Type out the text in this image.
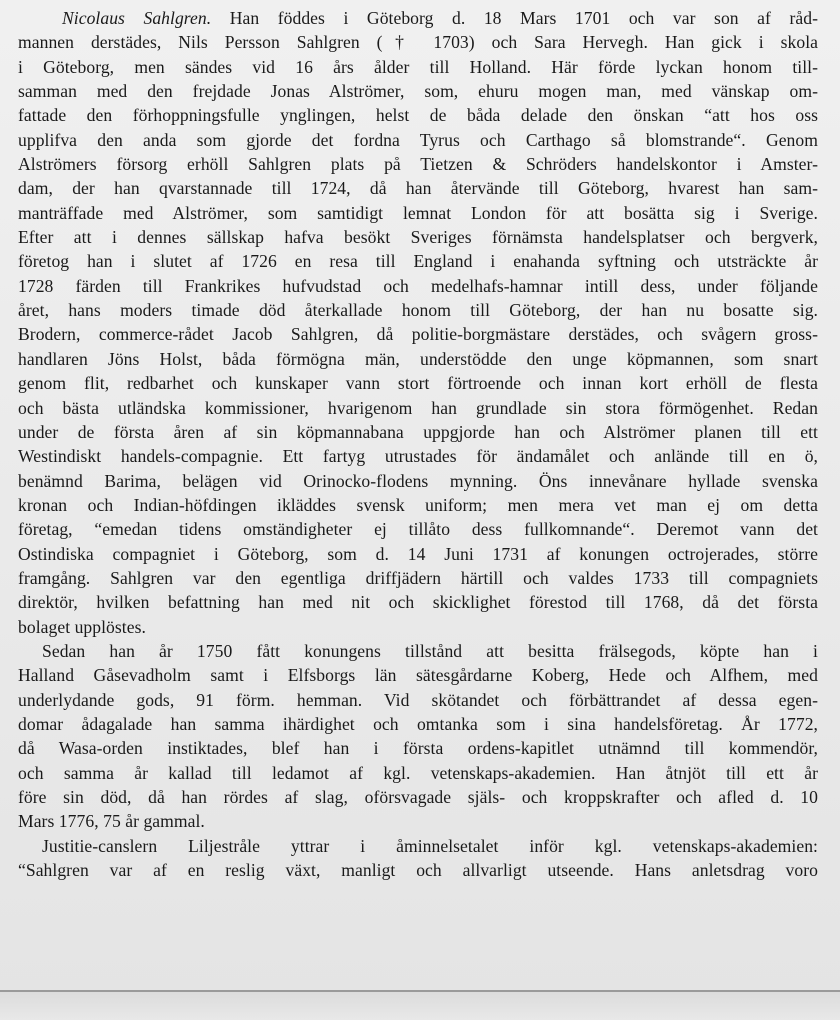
Nicolaus Sahlgren. Han föddes i Göteborg d. 18 Mars 1701 och var son af råd-
mannen derstädes, Nils Persson Sahlgren († 1703) och Sara Hervegh. Han gick i skola
i Göteborg, men sändes vid 16 års ålder till Holland. Här förde lyckan honom till-
samman med den frejdade Jonas Alströmer, som, ehuru mogen man, med vänskap om-
fattade den förhoppningsfulle ynglingen, helst de båda delade den önskan “att hos oss
upplifva den anda som gjorde det fordna Tyrus och Carthago så blomstrande“. Genom
Alströmers försorg erhöll Sahlgren plats på Tietzen & Schröders handelskontor i Amster-
dam, der han qvarstannade till 1724, då han återvände till Göteborg, hvarest han sam-
manträffade med Alströmer, som samtidigt lemnat London för att bosätta sig i Sverige.
Efter att i dennes sällskap hafva besökt Sveriges förnämsta handelsplatser och bergverk,
företog han i slutet af 1726 en resa till England i enahanda syftning och utsträckte år
1728 färden till Frankrikes hufvudstad och medelhafs-hamnar intill dess, under följande
året, hans moders timade död återkallade honom till Göteborg, der han nu bosatte sig.
Brodern, commerce-rådet Jacob Sahlgren, då politie-borgmästare derstädes, och svågern gross-
handlaren Jöns Holst, båda förmögna män, understödde den unge köpmannen, som snart
genom flit, redbarhet och kunskaper vann stort förtroende och innan kort erhöll de flesta
och bästa utländska kommissioner, hvarigenom han grundlade sin stora förmögenhet. Redan
under de första åren af sin köpmannabana uppgjorde han och Alströmer planen till ett
Westindiskt handels-compagnie. Ett fartyg utrustades för ändamålet och anlände till en ö,
benämnd Barima, belägen vid Orinocko-flodens mynning. Öns innevånare hyllade svenska
kronan och Indian-höfdingen ikläddes svensk uniform; men mera vet man ej om detta
företag, “emedan tidens omständigheter ej tillåto dess fullkomnande“. Deremot vann det
Ostindiska compagniet i Göteborg, som d. 14 Juni 1731 af konungen octrojerades, större
framgång. Sahlgren var den egentliga driffjädern härtill och valdes 1733 till compagniets
direktör, hvilken befattning han med nit och skicklighet förestod till 1768, då det första
bolaget upplöstes.
Sedan han år 1750 fått konungens tillstånd att besitta frälsegods, köpte han i
Halland Gåsevadholm samt i Elfsborgs län sätesgårdarne Koberg, Hede och Alfhem, med
underlydande gods, 91 förm. hemman. Vid skötandet och förbättrandet af dessa egen-
domar ådagalade han samma ihärdighet och omtanka som i sina handelsföretag. År 1772,
då Wasa-orden instiktades, blef han i första ordens-kapitlet utnämnd till kommendör,
och samma år kallad till ledamot af kgl. vetenskaps-akademien. Han åtnjöt till ett år
före sin död, då han rördes af slag, oförsvagade själs- och kroppskrafter och afled d. 10
Mars 1776, 75 år gammal.
Justitie-canslern Liljestråle yttrar i åminnelsetalet inför kgl. vetenskaps-akademien:
“Sahlgren var af en reslig växt, manligt och allvarligt utseende. Hans anletsdrag voro
